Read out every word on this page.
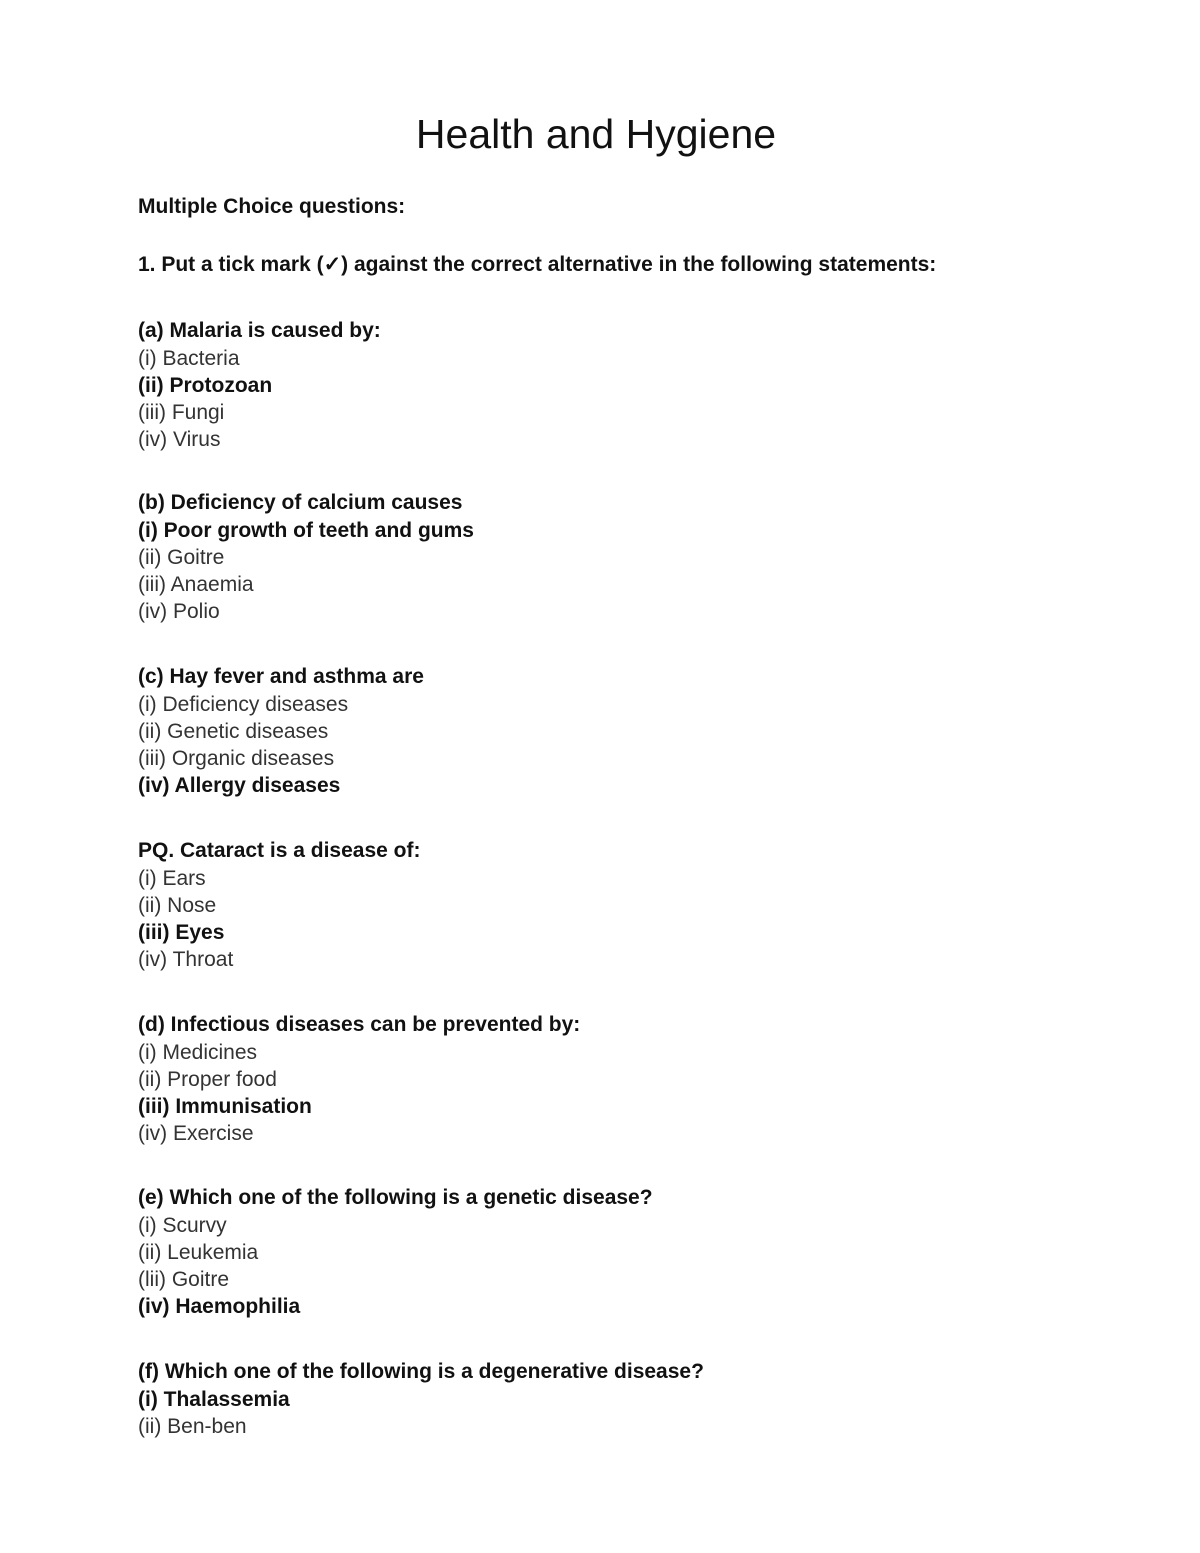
Health and Hygiene
Multiple Choice questions:
1. Put a tick mark (✓) against the correct alternative in the following statements:
(a) Malaria is caused by:
(i) Bacteria
(ii) Protozoan
(iii) Fungi
(iv) Virus
(b) Deficiency of calcium causes
(i) Poor growth of teeth and gums
(ii) Goitre
(iii) Anaemia
(iv) Polio
(c) Hay fever and asthma are
(i) Deficiency diseases
(ii) Genetic diseases
(iii) Organic diseases
(iv) Allergy diseases
PQ. Cataract is a disease of:
(i) Ears
(ii) Nose
(iii) Eyes
(iv) Throat
(d) Infectious diseases can be prevented by:
(i) Medicines
(ii) Proper food
(iii) Immunisation
(iv) Exercise
(e) Which one of the following is a genetic disease?
(i) Scurvy
(ii) Leukemia
(lii) Goitre
(iv) Haemophilia
(f) Which one of the following is a degenerative disease?
(i) Thalassemia
(ii) Ben-ben
